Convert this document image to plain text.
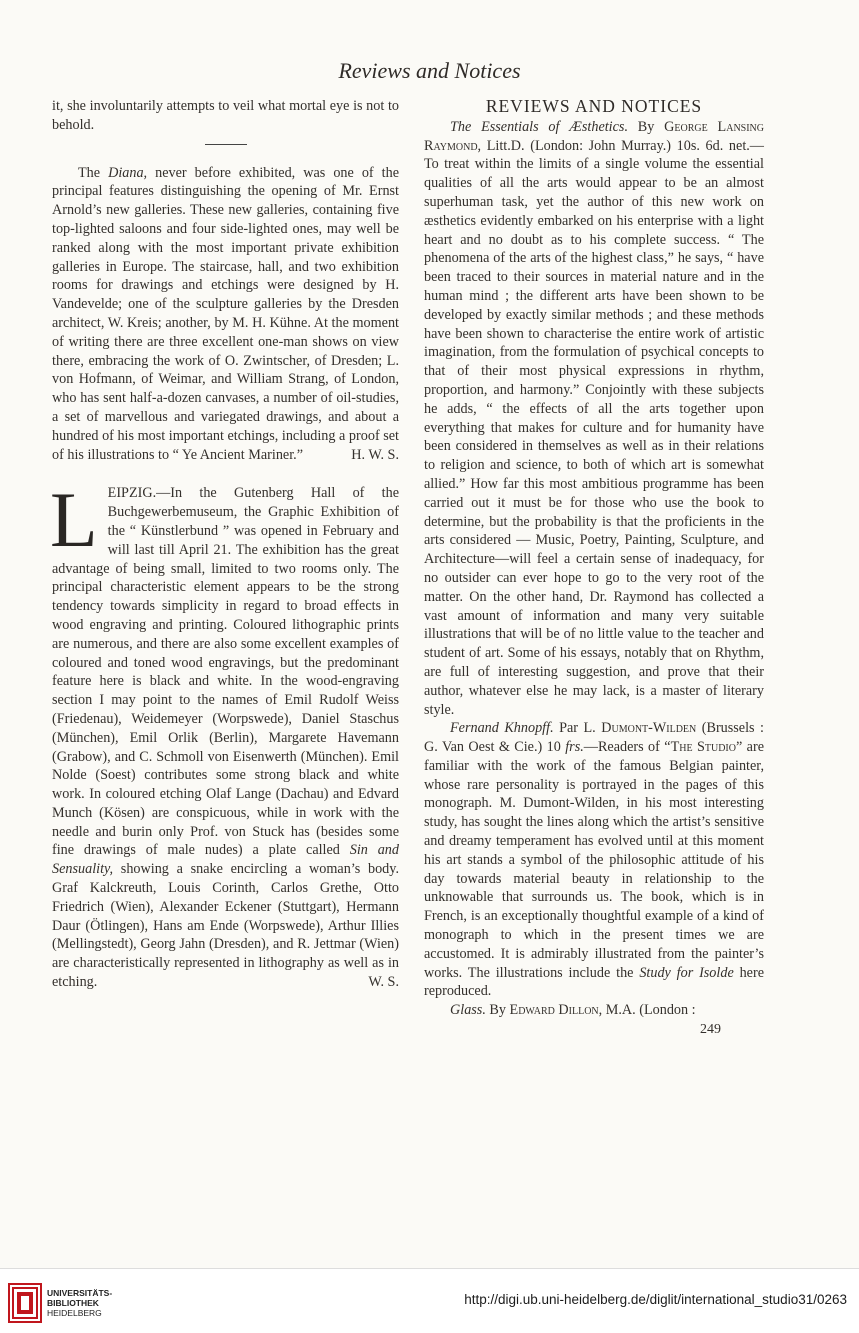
Reviews and Notices

it, she involuntarily attempts to veil what mortal eye is not to behold.

The Diana, never before exhibited, was one of the principal features distinguishing the opening of Mr. Ernst Arnold’s new galleries. These new galleries, containing five top-lighted saloons and four side-lighted ones, may well be ranked along with the most important private exhibition galleries in Europe. The staircase, hall, and two exhibition rooms for drawings and etchings were designed by H. Vandevelde; one of the sculpture galleries by the Dresden architect, W. Kreis; another, by M. H. Kühne. At the moment of writing there are three excellent one-man shows on view there, embracing the work of O. Zwintscher, of Dresden; L. von Hofmann, of Weimar, and William Strang, of London, who has sent half-a-dozen canvases, a number of oil-studies, a set of marvellous and variegated drawings, and about a hundred of his most important etchings, including a proof set of his illustrations to “ Ye Ancient Mariner.”	H. W. S.

L EIPZIG.—In the Gutenberg Hall of the Buchgewerbemuseum, the Graphic Exhibition of the “ Künstlerbund ” was opened in February and will last till April 21. The exhibition has the great advantage of being small, limited to two rooms only. The principal characteristic element appears to be the strong tendency towards simplicity in regard to broad effects in wood engraving and printing. Coloured lithographic prints are numerous, and there are also some excellent examples of coloured and toned wood engravings, but the predominant feature here is black and white. In the wood-engraving section I may point to the names of Emil Rudolf Weiss (Friedenau), Weidemeyer (Worpswede), Daniel Staschus (München), Emil Orlik (Berlin), Margarete Havemann (Grabow), and C. Schmoll von Eisenwerth (München). Emil Nolde (Soest) contributes some strong black and white work. In coloured etching Olaf Lange (Dachau) and Edvard Munch (Kösen) are conspicuous, while in work with the needle and burin only Prof. von Stuck has (besides some fine drawings of male nudes) a plate called Sin and Sensuality, showing a snake encircling a woman’s body. Graf Kalckreuth, Louis Corinth, Carlos Grethe, Otto Friedrich (Wien), Alexander Eckener (Stuttgart), Hermann Daur (Ötlingen), Hans am Ende (Worpswede), Arthur Illies (Mellingstedt), Georg Jahn (Dresden), and R. Jettmar (Wien) are characteristically represented in lithography as well as in etching.	W. S.

REVIEWS AND NOTICES

The Essentials of Æsthetics. By George Lansing Raymond, Litt.D. (London: John Murray.) 10s. 6d. net.—To treat within the limits of a single volume the essential qualities of all the arts would appear to be an almost superhuman task, yet the author of this new work on æsthetics evidently embarked on his enterprise with a light heart and no doubt as to his complete success. “ The phenomena of the arts of the highest class,” he says, “ have been traced to their sources in material nature and in the human mind ; the different arts have been shown to be developed by exactly similar methods ; and these methods have been shown to characterise the entire work of artistic imagination, from the formulation of psychical concepts to that of their most physical expressions in rhythm, proportion, and harmony.” Conjointly with these subjects he adds, “ the effects of all the arts together upon everything that makes for culture and for humanity have been considered in themselves as well as in their relations to religion and science, to both of which art is somewhat allied.” How far this most ambitious programme has been carried out it must be for those who use the book to determine, but the probability is that the proficients in the arts considered — Music, Poetry, Painting, Sculpture, and Architecture—will feel a certain sense of inadequacy, for no outsider can ever hope to go to the very root of the matter. On the other hand, Dr. Raymond has collected a vast amount of information and many very suitable illustrations that will be of no little value to the teacher and student of art. Some of his essays, notably that on Rhythm, are full of interesting suggestion, and prove that their author, whatever else he may lack, is a master of literary style.

Fernand Khnopff. Par L. Dumont-Wilden (Brussels : G. Van Oest & Cie.) 10 frs.—Readers of “The Studio” are familiar with the work of the famous Belgian painter, whose rare personality is portrayed in the pages of this monograph. M. Dumont-Wilden, in his most interesting study, has sought the lines along which the artist’s sensitive and dreamy temperament has evolved until at this moment his art stands a symbol of the philosophic attitude of his day towards material beauty in relationship to the unknowable that surrounds us. The book, which is in French, is an exceptionally thoughtful example of a kind of monograph to which in the present times we are accustomed. It is admirably illustrated from the painter’s works. The illustrations include the Study for Isolde here reproduced.

Glass. By Edward Dillon, M.A. (London :

249
UNIVERSITÄTS-
BIBLIOTHEK
HEIDELBERG
http://digi.ub.uni-heidelberg.de/diglit/international_studio31/0263
